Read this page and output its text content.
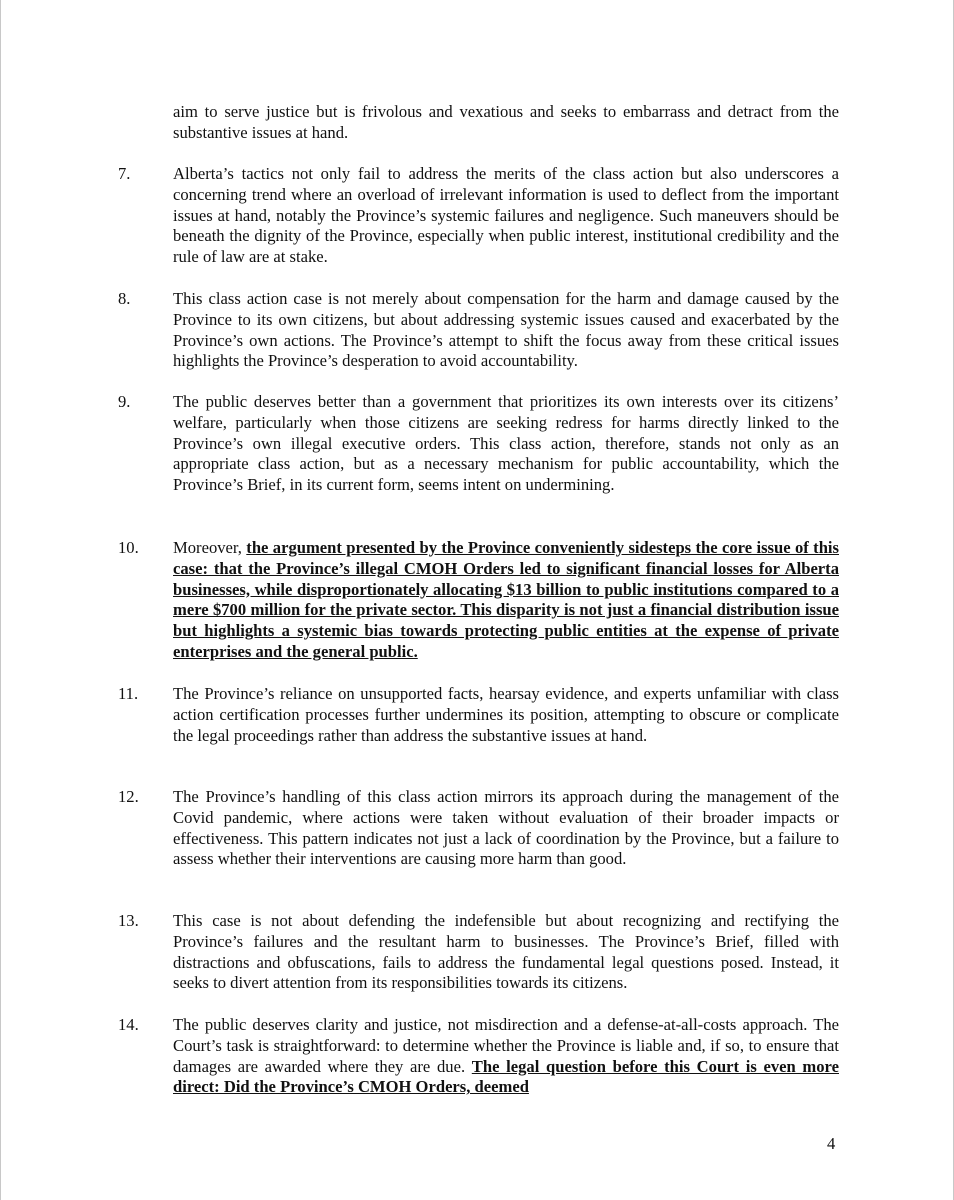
aim to serve justice but is frivolous and vexatious and seeks to embarrass and detract from the substantive issues at hand.
7.	Alberta’s tactics not only fail to address the merits of the class action but also underscores a concerning trend where an overload of irrelevant information is used to deflect from the important issues at hand, notably the Province’s systemic failures and negligence. Such maneuvers should be beneath the dignity of the Province, especially when public interest, institutional credibility and the rule of law are at stake.
8.	This class action case is not merely about compensation for the harm and damage caused by the Province to its own citizens, but about addressing systemic issues caused and exacerbated by the Province’s own actions. The Province’s attempt to shift the focus away from these critical issues highlights the Province’s desperation to avoid accountability.
9.	The public deserves better than a government that prioritizes its own interests over its citizens’ welfare, particularly when those citizens are seeking redress for harms directly linked to the Province’s own illegal executive orders. This class action, therefore, stands not only as an appropriate class action, but as a necessary mechanism for public accountability, which the Province’s Brief, in its current form, seems intent on undermining.
10. Moreover, the argument presented by the Province conveniently sidesteps the core issue of this case: that the Province’s illegal CMOH Orders led to significant financial losses for Alberta businesses, while disproportionately allocating $13 billion to public institutions compared to a mere $700 million for the private sector. This disparity is not just a financial distribution issue but highlights a systemic bias towards protecting public entities at the expense of private enterprises and the general public.
11. The Province’s reliance on unsupported facts, hearsay evidence, and experts unfamiliar with class action certification processes further undermines its position, attempting to obscure or complicate the legal proceedings rather than address the substantive issues at hand.
12. The Province’s handling of this class action mirrors its approach during the management of the Covid pandemic, where actions were taken without evaluation of their broader impacts or effectiveness. This pattern indicates not just a lack of coordination by the Province, but a failure to assess whether their interventions are causing more harm than good.
13. This case is not about defending the indefensible but about recognizing and rectifying the Province’s failures and the resultant harm to businesses. The Province’s Brief, filled with distractions and obfuscations, fails to address the fundamental legal questions posed. Instead, it seeks to divert attention from its responsibilities towards its citizens.
14. The public deserves clarity and justice, not misdirection and a defense-at-all-costs approach. The Court’s task is straightforward: to determine whether the Province is liable and, if so, to ensure that damages are awarded where they are due. The legal question before this Court is even more direct: Did the Province’s CMOH Orders, deemed
4
